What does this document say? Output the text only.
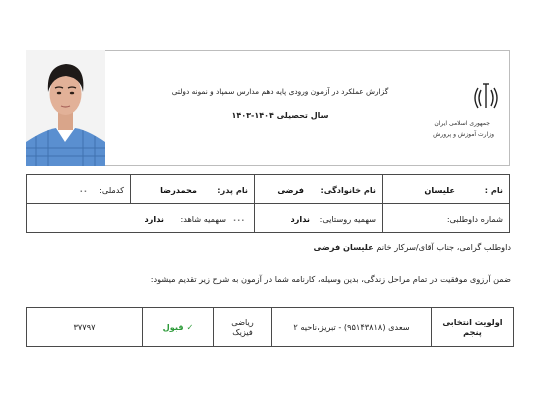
جمهوری اسلامی ایران
وزارت آموزش و پرورش
گزارش عملکرد در آزمون ورودی پایه دهم مدارس سمپاد و نمونه دولتی
سال تحصیلی ۱۴۰۴-۱۴۰۳
نام :
علیسان
نام خانوادگی:
فرضی
نام پدر:
محمدرضا
کدملی:
..
شماره داوطلبی:
سهمیه روستایی:
ندارد
...
سهمیه شاهد:
ندارد
داوطلب گرامی، جناب آقای/سرکار خانم علیسان فرضی
ضمن آرزوی موفقیت در تمام مراحل زندگی، بدین وسیله، کارنامه شما در آزمون به شرح زیر تقدیم میشود:
اولویت انتخابی پنجم
سعدی (۹۵۱۴۳۸۱۸) - تبریز،ناحیه ۲
ریاضی
فیزیک
✓ قبول
۳۷۷۹۷
